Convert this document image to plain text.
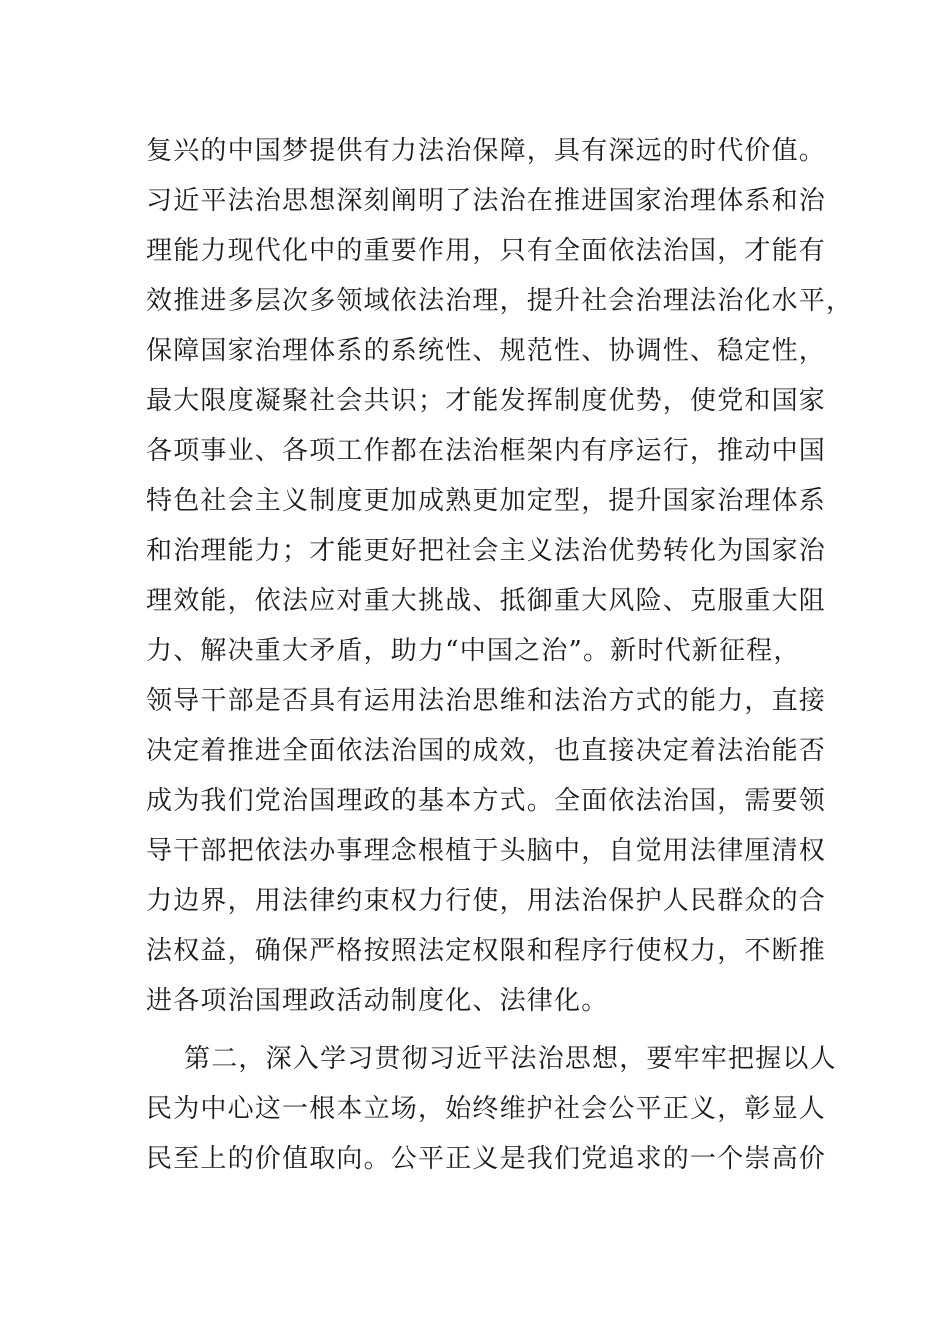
复兴的中国梦提供有力法治保障，具有深远的时代价值。
习近平法治思想深刻阐明了法治在推进国家治理体系和治
理能力现代化中的重要作用，只有全面依法治国，才能有
效推进多层次多领域依法治理，提升社会治理法治化水平，
保障国家治理体系的系统性、规范性、协调性、稳定性，
最大限度凝聚社会共识；才能发挥制度优势，使党和国家
各项事业、各项工作都在法治框架内有序运行，推动中国
特色社会主义制度更加成熟更加定型，提升国家治理体系
和治理能力；才能更好把社会主义法治优势转化为国家治
理效能，依法应对重大挑战、抵御重大风险、克服重大阻
力、解决重大矛盾，助力“中国之治”。新时代新征程，
领导干部是否具有运用法治思维和法治方式的能力，直接
决定着推进全面依法治国的成效，也直接决定着法治能否
成为我们党治国理政的基本方式。全面依法治国，需要领
导干部把依法办事理念根植于头脑中，自觉用法律厘清权
力边界，用法律约束权力行使，用法治保护人民群众的合
法权益，确保严格按照法定权限和程序行使权力，不断推
进各项治国理政活动制度化、法律化。
第二，深入学习贯彻习近平法治思想，要牢牢把握以人
民为中心这一根本立场，始终维护社会公平正义，彰显人
民至上的价值取向。公平正义是我们党追求的一个崇高价
